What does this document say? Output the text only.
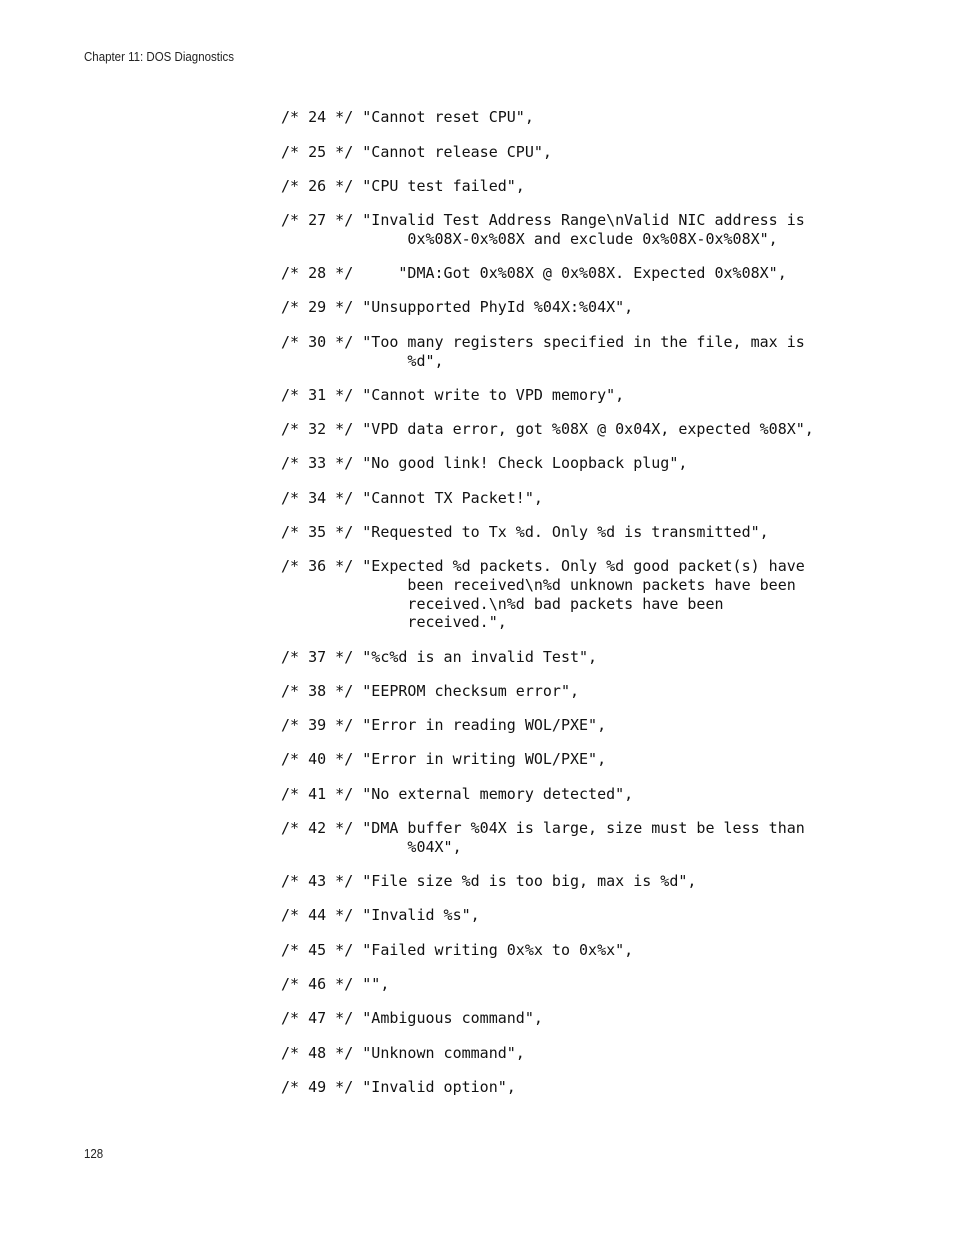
Chapter 11: DOS Diagnostics
/* 24 */ "Cannot reset CPU",
/* 25 */ "Cannot release CPU",
/* 26 */ "CPU test failed",
/* 27 */ "Invalid Test Address Range\nValid NIC address is
0x%08X-0x%08X and exclude 0x%08X-0x%08X",
/* 28 */     "DMA:Got 0x%08X @ 0x%08X. Expected 0x%08X",
/* 29 */ "Unsupported PhyId %04X:%04X",
/* 30 */ "Too many registers specified in the file, max is
%d",
/* 31 */ "Cannot write to VPD memory",
/* 32 */ "VPD data error, got %08X @ 0x04X, expected %08X",
/* 33 */ "No good link! Check Loopback plug",
/* 34 */ "Cannot TX Packet!",
/* 35 */ "Requested to Tx %d. Only %d is transmitted",
/* 36 */ "Expected %d packets. Only %d good packet(s) have
been received\n%d unknown packets have been
received.\n%d bad packets have been
received.",
/* 37 */ "%c%d is an invalid Test",
/* 38 */ "EEPROM checksum error",
/* 39 */ "Error in reading WOL/PXE",
/* 40 */ "Error in writing WOL/PXE",
/* 41 */ "No external memory detected",
/* 42 */ "DMA buffer %04X is large, size must be less than
%04X",
/* 43 */ "File size %d is too big, max is %d",
/* 44 */ "Invalid %s",
/* 45 */ "Failed writing 0x%x to 0x%x",
/* 46 */ "",
/* 47 */ "Ambiguous command",
/* 48 */ "Unknown command",
/* 49 */ "Invalid option",
128
